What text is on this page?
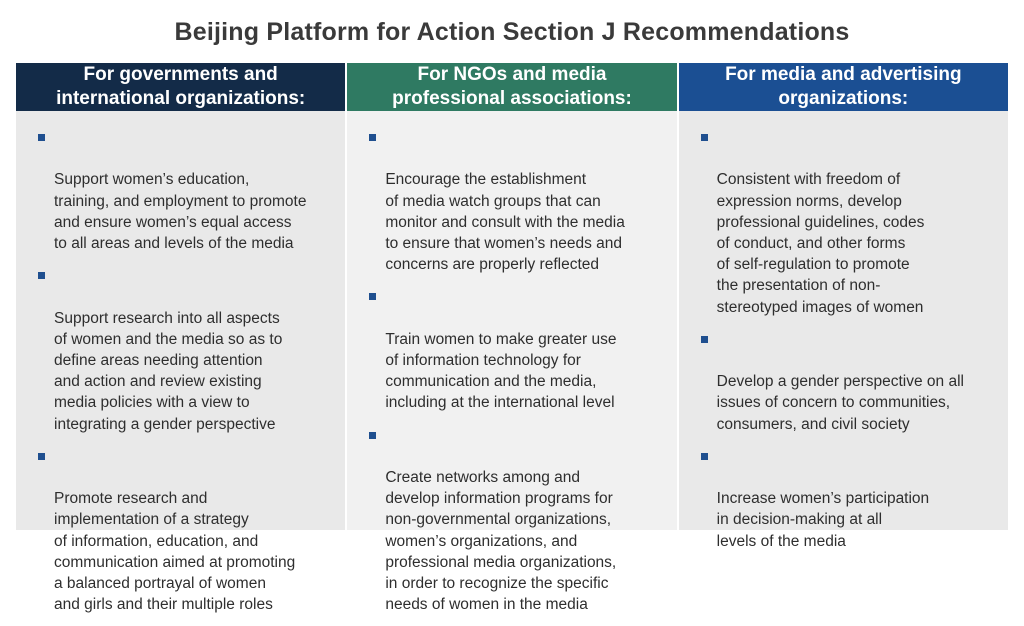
Beijing Platform for Action Section J Recommendations
For governments and
international organizations:

Support women’s education,
training, and employment to promote
and ensure women’s equal access
to all areas and levels of the media

Support research into all aspects
of women and the media so as to
define areas needing attention
and action and review existing
media policies with a view to
integrating a gender perspective

Promote research and
implementation of a strategy
of information, education, and
communication aimed at promoting
a balanced portrayal of women
and girls and their multiple roles

For NGOs and media
professional associations:

Encourage the establishment
of media watch groups that can
monitor and consult with the media
to ensure that women’s needs and
concerns are properly reflected

Train women to make greater use
of information technology for
communication and the media,
including at the international level

Create networks among and
develop information programs for
non-governmental organizations,
women’s organizations, and
professional media organizations,
in order to recognize the specific
needs of women in the media

For media and advertising
organizations:

Consistent with freedom of
expression norms, develop
professional guidelines, codes
of conduct, and other forms
of self-regulation to promote
the presentation of non-
stereotyped images of women

Develop a gender perspective on all
issues of concern to communities,
consumers, and civil society

Increase women’s participation
in decision-making at all
levels of the media
